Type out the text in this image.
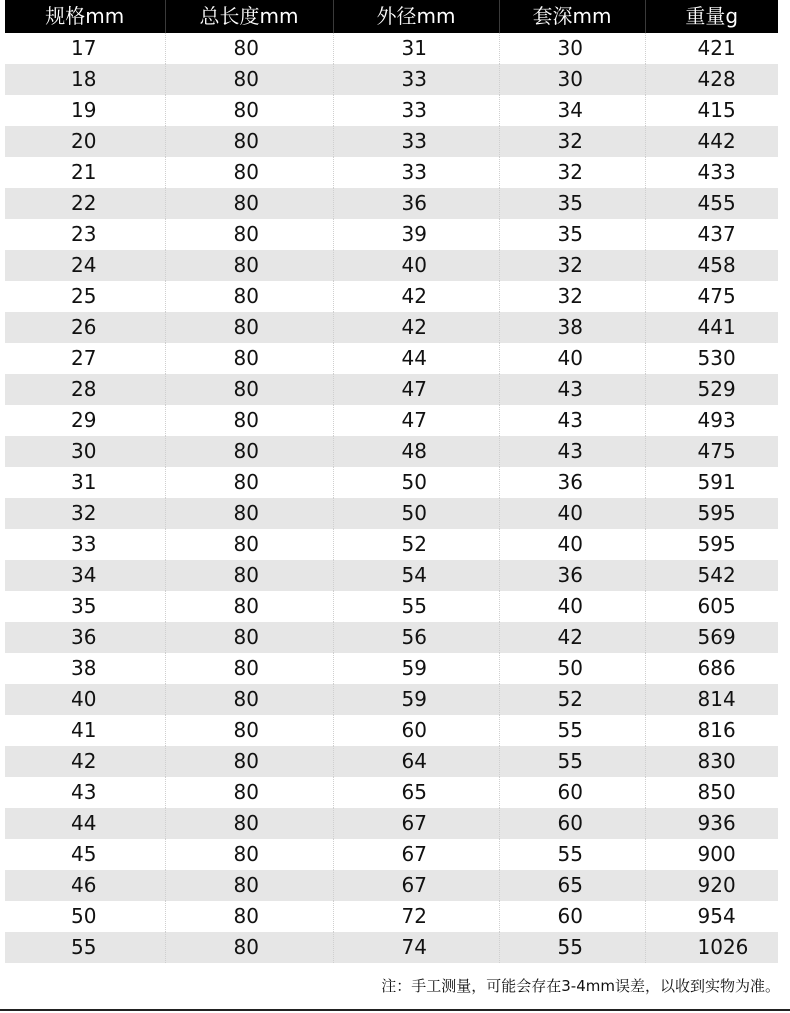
规格mm	总长度mm	外径mm	套深mm	重量g
17	80	31	30	421
18	80	33	30	428
19	80	33	34	415
20	80	33	32	442
21	80	33	32	433
22	80	36	35	455
23	80	39	35	437
24	80	40	32	458
25	80	42	32	475
26	80	42	38	441
27	80	44	40	530
28	80	47	43	529
29	80	47	43	493
30	80	48	43	475
31	80	50	36	591
32	80	50	40	595
33	80	52	40	595
34	80	54	36	542
35	80	55	40	605
36	80	56	42	569
38	80	59	50	686
40	80	59	52	814
41	80	60	55	816
42	80	64	55	830
43	80	65	60	850
44	80	67	60	936
45	80	67	55	900
46	80	67	65	920
50	80	72	60	954
55	80	74	55	1026
注：手工测量，可能会存在3-4mm误差，以收到实物为准。
